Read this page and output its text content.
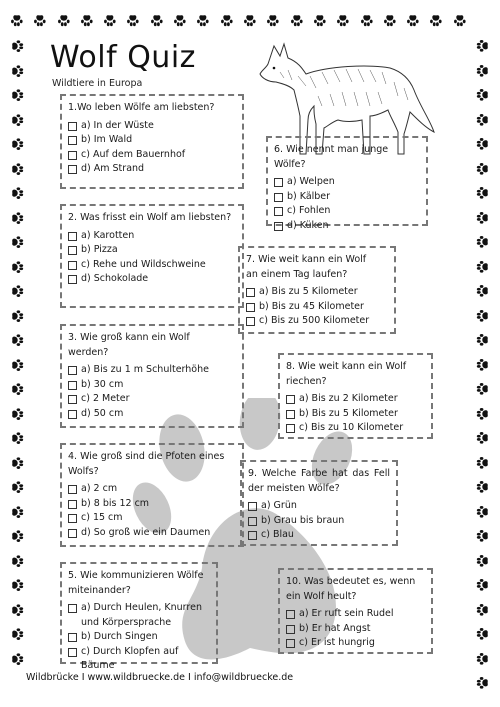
Wolf Quiz
Wildtiere in Europa
1.Wo leben Wölfe am liebsten?
a) In der Wüste
b) Im Wald
c) Auf dem Bauernhof
d) Am Strand
2. Was frisst ein Wolf am liebsten?
a) Karotten
b) Pizza
c) Rehe und Wildschweine
d) Schokolade
3. Wie groß kann ein Wolf werden?
a) Bis zu 1 m Schulterhöhe
b) 30 cm
c) 2 Meter
d) 50 cm
4. Wie groß sind die Pfoten eines Wolfs?
a) 2 cm
b) 8 bis 12 cm
c) 15 cm
d) So groß wie ein Daumen
5. Wie kommunizieren Wölfe miteinander?
a) Durch Heulen, Knurren und Körpersprache
b) Durch Singen
c) Durch Klopfen auf Bäume
6. Wie nennt man junge Wölfe?
a) Welpen
b) Kälber
c) Fohlen
d) Küken
7. Wie weit kann ein Wolf an einem Tag laufen?
a) Bis zu 5 Kilometer
b) Bis zu 45 Kilometer
c) Bis zu 500 Kilometer
8. Wie weit kann ein Wolf riechen?
a) Bis zu 2 Kilometer
b) Bis zu 5 Kilometer
c) Bis zu 10 Kilometer
9. Welche Farbe hat das Fell der meisten Wölfe?
a) Grün
b) Grau bis braun
c) Blau
10. Was bedeutet es, wenn ein Wolf heult?
a) Er ruft sein Rudel
b) Er hat Angst
c) Er ist hungrig
Wildbrücke I www.wildbruecke.de I info@wildbruecke.de
